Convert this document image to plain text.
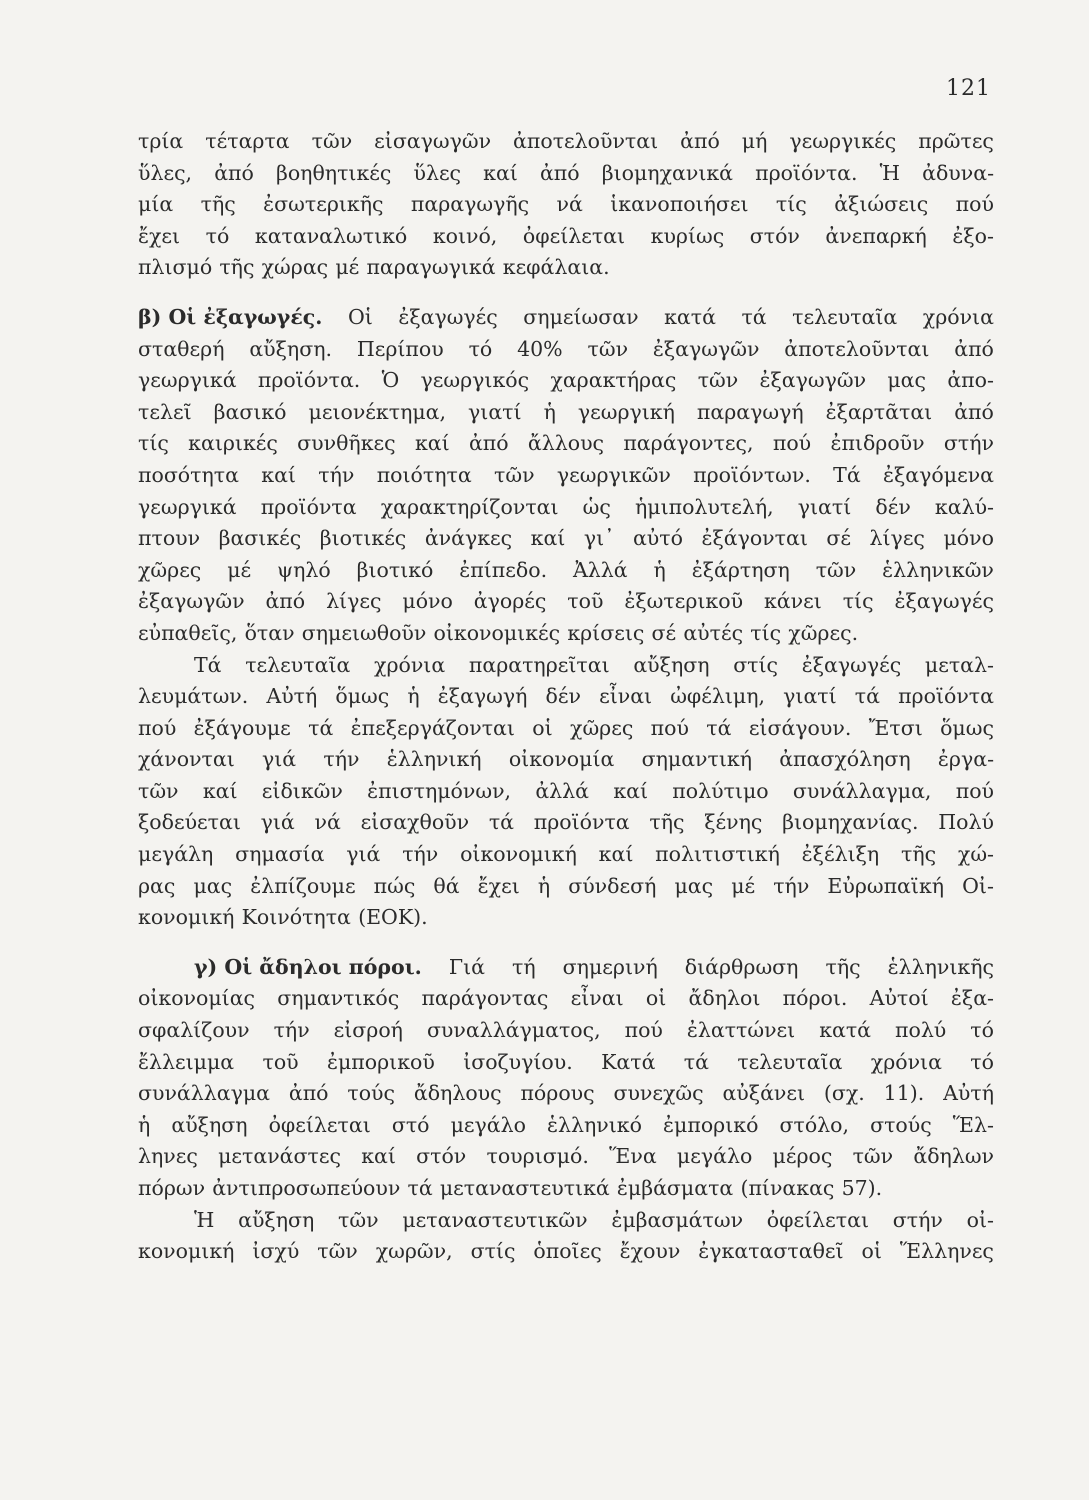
121
τρία τέταρτα τῶν εἰσαγωγῶν ἀποτελοῦνται ἀπό μή γεωργικές πρῶτες
ὕλες, ἀπό βοηθητικές ὕλες καί ἀπό βιομηχανικά προϊόντα. Ἡ ἀδυνα-
μία τῆς ἐσωτερικῆς παραγωγῆς νά ἱκανοποιήσει τίς ἀξιώσεις πού
ἔχει τό καταναλωτικό κοινό, ὀφείλεται κυρίως στόν ἀνεπαρκή ἐξο-
πλισμό τῆς χώρας μέ παραγωγικά κεφάλαια.
β) Οἱ ἐξαγωγές. Οἱ ἐξαγωγές σημείωσαν κατά τά τελευταῖα χρόνια
σταθερή αὔξηση. Περίπου τό 40% τῶν ἐξαγωγῶν ἀποτελοῦνται ἀπό
γεωργικά προϊόντα. Ὁ γεωργικός χαρακτήρας τῶν ἐξαγωγῶν μας ἀπο-
τελεῖ βασικό μειονέκτημα, γιατί ἡ γεωργική παραγωγή ἐξαρτᾶται ἀπό
τίς καιρικές συνθῆκες καί ἀπό ἄλλους παράγοντες, πού ἐπιδροῦν στήν
ποσότητα καί τήν ποιότητα τῶν γεωργικῶν προϊόντων. Τά ἐξαγόμενα
γεωργικά προϊόντα χαρακτηρίζονται ὡς ἡμιπολυτελή, γιατί δέν καλύ-
πτουν βασικές βιοτικές ἀνάγκες καί γι᾿ αὐτό ἐξάγονται σέ λίγες μόνο
χῶρες μέ ψηλό βιοτικό ἐπίπεδο. Ἀλλά ἡ ἐξάρτηση τῶν ἑλληνικῶν
ἐξαγωγῶν ἀπό λίγες μόνο ἀγορές τοῦ ἐξωτερικοῦ κάνει τίς ἐξαγωγές
εὐπαθεῖς, ὅταν σημειωθοῦν οἰκονομικές κρίσεις σέ αὐτές τίς χῶρες.
Τά τελευταῖα χρόνια παρατηρεῖται αὔξηση στίς ἐξαγωγές μεταλ-
λευμάτων. Αὐτή ὅμως ἡ ἐξαγωγή δέν εἶναι ὠφέλιμη, γιατί τά προϊόντα
πού ἐξάγουμε τά ἐπεξεργάζονται οἱ χῶρες πού τά εἰσάγουν. Ἔτσι ὅμως
χάνονται γιά τήν ἑλληνική οἰκονομία σημαντική ἀπασχόληση ἐργα-
τῶν καί εἰδικῶν ἐπιστημόνων, ἀλλά καί πολύτιμο συνάλλαγμα, πού
ξοδεύεται γιά νά εἰσαχθοῦν τά προϊόντα τῆς ξένης βιομηχανίας. Πολύ
μεγάλη σημασία γιά τήν οἰκονομική καί πολιτιστική ἐξέλιξη τῆς χώ-
ρας μας ἐλπίζουμε πώς θά ἔχει ἡ σύνδεσή μας μέ τήν Εὐρωπαϊκή Οἰ-
κονομική Κοινότητα (ΕΟΚ).
γ) Οἱ ἄδηλοι πόροι. Γιά τή σημερινή διάρθρωση τῆς ἑλληνικῆς
οἰκονομίας σημαντικός παράγοντας εἶναι οἱ ἄδηλοι πόροι. Αὐτοί ἐξα-
σφαλίζουν τήν εἰσροή συναλλάγματος, πού ἐλαττώνει κατά πολύ τό
ἔλλειμμα τοῦ ἐμπορικοῦ ἰσοζυγίου. Κατά τά τελευταῖα χρόνια τό
συνάλλαγμα ἀπό τούς ἄδηλους πόρους συνεχῶς αὐξάνει (σχ. 11). Αὐτή
ἡ αὔξηση ὀφείλεται στό μεγάλο ἑλληνικό ἐμπορικό στόλο, στούς Ἕλ-
ληνες μετανάστες καί στόν τουρισμό. Ἕνα μεγάλο μέρος τῶν ἄδηλων
πόρων ἀντιπροσωπεύουν τά μεταναστευτικά ἐμβάσματα (πίνακας 57).
Ἡ αὔξηση τῶν μεταναστευτικῶν ἐμβασμάτων ὀφείλεται στήν οἰ-
κονομική ἰσχύ τῶν χωρῶν, στίς ὁποῖες ἔχουν ἐγκατασταθεῖ οἱ Ἕλληνες
